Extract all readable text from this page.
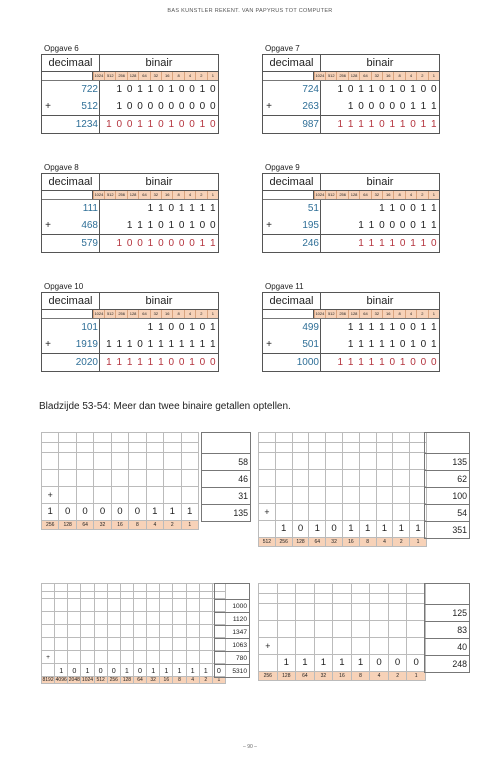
BAS KUNSTLER REKENT. VAN PAPYRUS TOT COMPUTER
Opgave 6
decimaal	binair
1024 512	256	128	64	32	16	8	4	2	1
722 1 0 1 1 0 1 0 0 1 0
+	512 1 0 0 0 0 0 0 0 0 0
1234 1 0 0 1 1 0 1 0 0 1 0
Opgave 7
decimaal	binair
1024 512	256	128	64	32	16	8	4	2	1
724 1 0 1 1 0 1 0 1 0 0
+	263	1 0 0 0 0 0 1 1 1
987 1 1 1 1 0 1 1 0 1 1
Opgave 8
decimaal	binair
1024 512	256	128	64	32	16	8	4	2	1
111	1 1 0 1 1 1 1
+	468	1 1 1 0 1 0 1 0 0
579 1 0 0 1 0 0 0 0 1 1
Opgave 9
decimaal	binair
1024 512	256	128	64	32	16	8	4	2	1
51	1 1 0 0 1 1
+	195	1 1 0 0 0 0 1 1
246	1 1 1 1 0 1 1 0
Opgave 10
decimaal	binair
1024 512	256	128	64	32	16	8	4	2	1
101	1 1 0 0 1 0 1
+	1919 1 1 1 0 1 1 1 1 1 1 1
2020 1 1 1 1 1 1 0 0 1 0 0
Opgave 11
decimaal	binair
1024 512	256	128	64	32	16	8	4	2	1
499	1 1 1 1 1 0 0 1 1
+	501	1 1 1 1 1 0 1 0 1
1000 1 1 1 1 1 0 1 0 0 0
Bladzijde 53-54: Meer dan twee binaire getallen optellen.

+								
1	0	0	0	0	0	1	1	1
256	128	64	32	16	8	4	2	1

58
46
31
135

									+									
	1	0	1	0	1	1	1	1	1
512	256	128	64	32	16	8	4	2	1

135
62
100
54
351

+													
	1	0	1	0	0	1	0	1	1	1	1	1	0
8192	4096	2048	1024	512	256	128	64	32	16	8	4	2	1

1000
1120
1347
1063
780
5310

+								
	1	1	1	1	1	0	0	0
256	128	64	32	16	8	4	2	1

125
83
40
248
– 90 –
